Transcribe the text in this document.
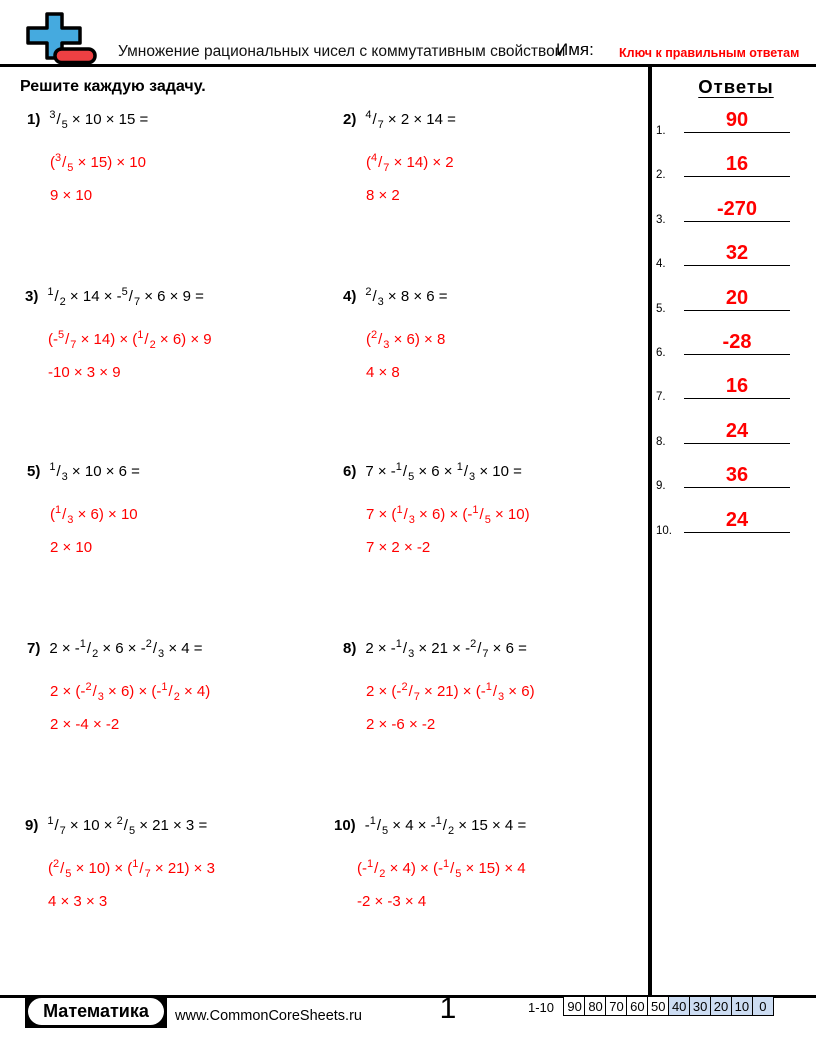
Умножение рациональных чисел с коммутативным свойством
Имя: Ключ к правильным ответам
Решите каждую задачу.
1) $^3/_5 \times 10 \times 15$ =
$(^3/_5 \times 15) \times 10$
9 × 10
2) $^4/_7 \times 2 \times 14$ =
$(^4/_7 \times 14) \times 2$
8 × 2
3) $^1/_2 \times 14 \times -^5/_7 \times 6 \times 9$ =
$(-^5/_7 \times 14) \times (^1/_2 \times 6) \times 9$
-10 × 3 × 9
4) $^2/_3 \times 8 \times 6$ =
$(^2/_3 \times 6) \times 8$
4 × 8
5) $^1/_3 \times 10 \times 6$ =
$(^1/_3 \times 6) \times 10$
2 × 10
6) $7 \times -^1/_5 \times 6 \times ^1/_3 \times 10$ =
$7 \times (^1/_3 \times 6) \times (-^1/_5 \times 10)$
7 × 2 × -2
7) $2 \times -^1/_2 \times 6 \times -^2/_3 \times 4$ =
$2 \times (-^2/_3 \times 6) \times (-^1/_2 \times 4)$
2 × -4 × -2
8) $2 \times -^1/_3 \times 21 \times -^2/_7 \times 6$ =
$2 \times (-^2/_7 \times 21) \times (-^1/_3 \times 6)$
2 × -6 × -2
9) $^1/_7 \times 10 \times ^2/_5 \times 21 \times 3$ =
$(^2/_5 \times 10) \times (^1/_7 \times 21) \times 3$
4 × 3 × 3
10) $-^1/_5 \times 4 \times -^1/_2 \times 15 \times 4$ =
$(-^1/_2 \times 4) \times (-^1/_5 \times 15) \times 4$
-2 × -3 × 4
Ответы
1.	90
2.	16
3.	-270
4.	32
5.	20
6.	-28
7.	16
8.	24
9.	36
10.	24
Математика	www.CommonCoreSheets.ru	1	1-10	90 80 70 60 50 40 30 20 10 0
